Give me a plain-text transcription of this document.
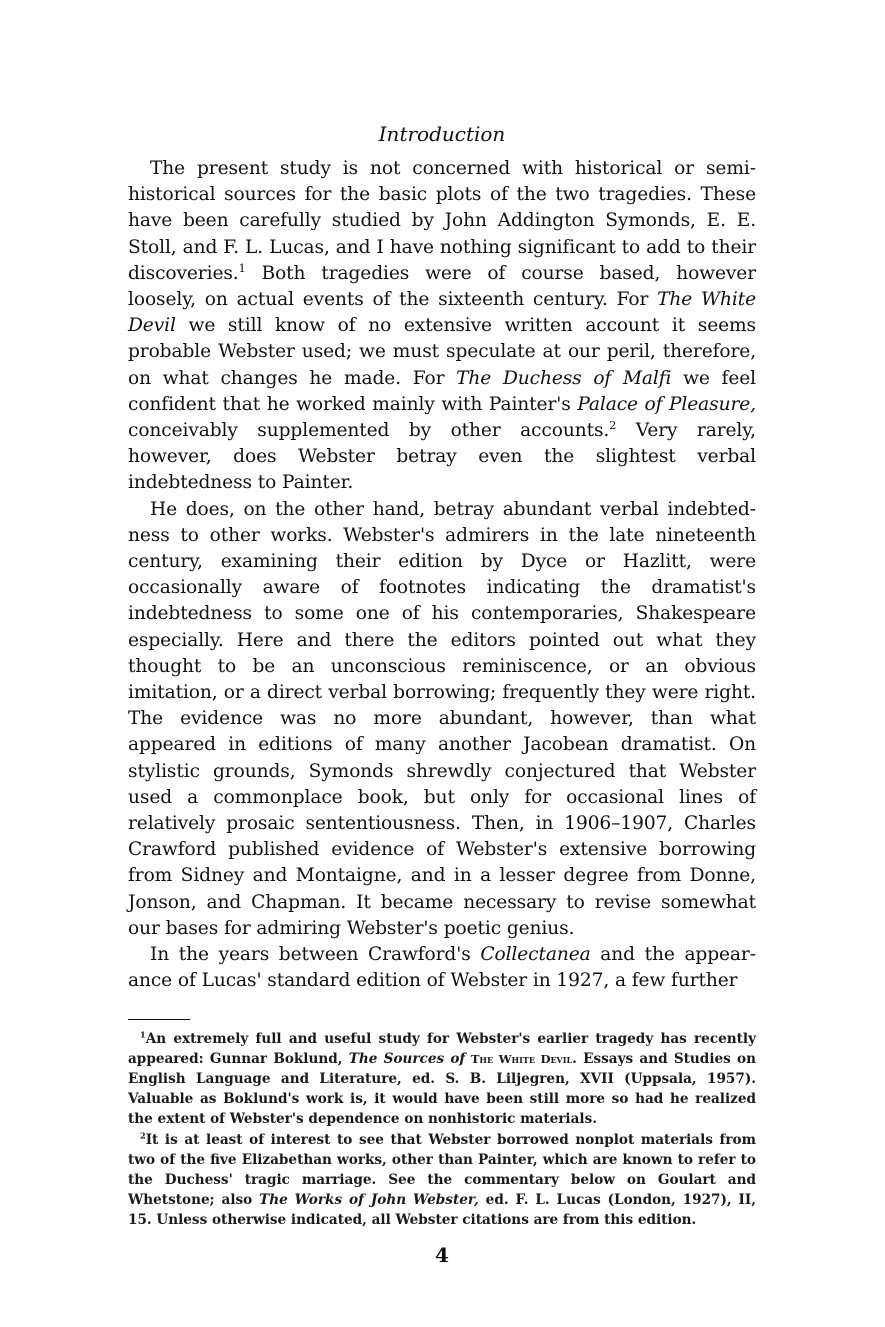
Introduction

The present study is not concerned with historical or semihistorical sources for the basic plots of the two tragedies. These have been carefully studied by John Addington Symonds, E. E. Stoll, and F. L. Lucas, and I have nothing significant to add to their discoveries.$^1$ Both tragedies were of course based, however loosely, on actual events of the sixteenth century. For The White Devil we still know of no extensive written account it seems probable Webster used; we must speculate at our peril, therefore, on what changes he made. For The Duchess of Malfi we feel confident that he worked mainly with Painter's Palace of Pleasure, conceivably supplemented by other accounts.$^2$ Very rarely, however, does Webster betray even the slightest verbal indebtedness to Painter.

He does, on the other hand, betray abundant verbal indebtedness to other works. Webster's admirers in the late nineteenth century, examining their edition by Dyce or Hazlitt, were occasionally aware of footnotes indicating the dramatist's indebtedness to some one of his contemporaries, Shakespeare especially. Here and there the editors pointed out what they thought to be an unconscious reminiscence, or an obvious imitation, or a direct verbal borrowing; frequently they were right. The evidence was no more abundant, however, than what appeared in editions of many another Jacobean dramatist. On stylistic grounds, Symonds shrewdly conjectured that Webster used a commonplace book, but only for occasional lines of relatively prosaic sententiousness. Then, in 1906–1907, Charles Crawford published evidence of Webster's extensive borrowing from Sidney and Montaigne, and in a lesser degree from Donne, Jonson, and Chapman. It became necessary to revise somewhat our bases for admiring Webster's poetic genius.

In the years between Crawford's Collectanea and the appearance of Lucas' standard edition of Webster in 1927, a few further

$^1$An extremely full and useful study for Webster's earlier tragedy has recently appeared: Gunnar Boklund, The Sources of The White Devil. Essays and Studies on English Language and Literature, ed. S. B. Liljegren, XVII (Uppsala, 1957). Valuable as Boklund's work is, it would have been still more so had he realized the extent of Webster's dependence on nonhistoric materials.

$^2$It is at least of interest to see that Webster borrowed nonplot materials from two of the five Elizabethan works, other than Painter, which are known to refer to the Duchess' tragic marriage. See the commentary below on Goulart and Whetstone; also The Works of John Webster, ed. F. L. Lucas (London, 1927), II, 15. Unless otherwise indicated, all Webster citations are from this edition.

4
